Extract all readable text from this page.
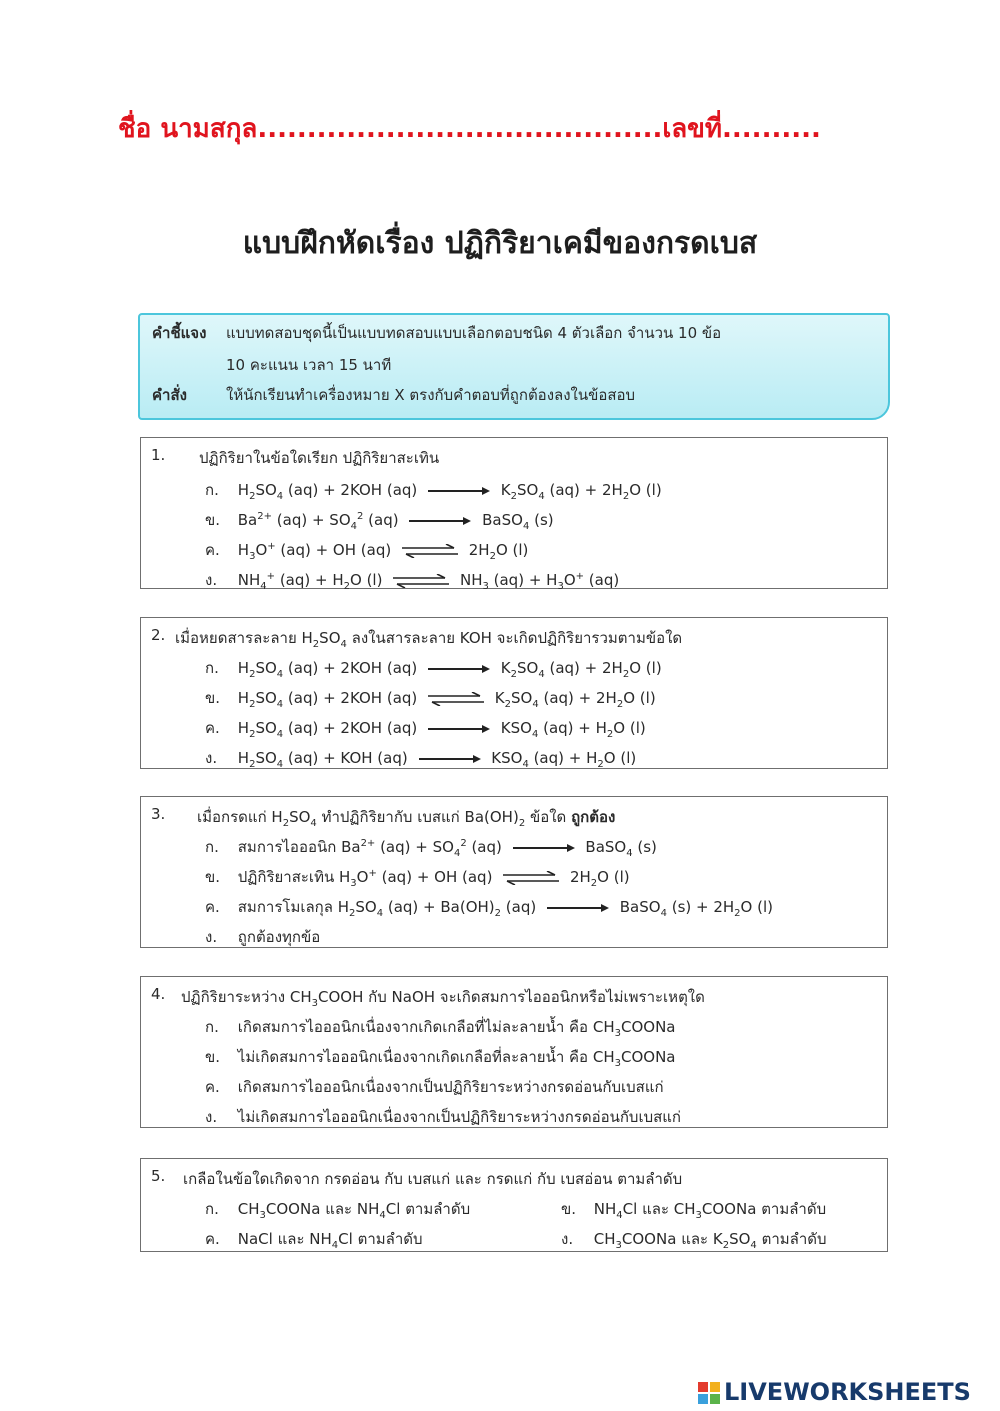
ชื่อ นามสกุล.........................................เลขที่..........
แบบฝึกหัดเรื่อง ปฏิกิริยาเคมีของกรดเบส
คำชี้แจง แบบทดสอบชุดนี้เป็นแบบทดสอบแบบเลือกตอบชนิด 4 ตัวเลือก จำนวน 10 ข้อ
10 คะแนน เวลา 15 นาที
คำสั่ง	ให้นักเรียนทำเครื่องหมาย X ตรงกับคำตอบที่ถูกต้องลงในข้อสอบ
1. ปฏิกิริยาในข้อใดเรียก ปฏิกิริยาสะเทิน
ก. $H_2SO_4$ (aq) + 2KOH (aq)	$K_2SO_4$ $(aq) + 2H_2O$ (l)
ข. $Ba^{2+}$ $(aq) + SO_4^2$ (aq)	BaSO$_4$ (s)
ค. $H_3O^+$ (aq) + OH (aq) ⇌ $2H_2O$ (l)
ง. $NH_4^+$ $(aq) + H_2O$ (l) ⇌ $NH_3$ $(aq) + H_3O^+$ (aq)
2. เมื่อหยดสารละลาย $H_2SO_4$ ลงในสารละลาย KOH จะเกิดปฏิกิริยารวมตามข้อใด
ก. $H_2SO_4$ (aq) + 2KOH (aq)	$K_2SO_4$ $(aq) + 2H_2O$ (l)
ข. $H_2SO_4$ (aq) + 2KOH (aq) ⇌ $K_2SO_4$ $(aq) + 2H_2O$ (l)
ค. $H_2SO_4$ (aq) + 2KOH (aq)	$KSO_4$ $(aq) + H_2O$ (l)
ง. $H_2SO_4$ (aq) + KOH (aq)	$KSO_4$ $(aq) + H_2O$ (l)
3. เมื่อกรดแก่ $H_2SO_4$ ทำปฏิกิริยากับ เบสแก่ $Ba(OH)_2$ ข้อใด ถูกต้อง
ก. สมการไอออนิก $Ba^{2+}$ $(aq) + SO_4^2$ (aq)	BaSO$_4$ (s)
ข. ปฏิกิริยาสะเทิน $H_3O^+$ (aq) + OH (aq) ⇌ $2H_2O$ (l)
ค. สมการโมเลกุล $H_2SO_4$ $(aq) + Ba(OH)_2$ (aq)	BaSO$_4$ $(s) + 2H_2O$ (l)
ง. ถูกต้องทุกข้อ
4. ปฏิกิริยาระหว่าง $CH_3COOH$ กับ NaOH จะเกิดสมการไอออนิกหรือไม่เพราะเหตุใด
ก. เกิดสมการไอออนิกเนื่องจากเกิดเกลือที่ไม่ละลายน้ำ คือ $CH_3COONa$
ข. ไม่เกิดสมการไอออนิกเนื่องจากเกิดเกลือที่ละลายน้ำ คือ $CH_3COONa$
ค. เกิดสมการไอออนิกเนื่องจากเป็นปฏิกิริยาระหว่างกรดอ่อนกับเบสแก่
ง. ไม่เกิดสมการไอออนิกเนื่องจากเป็นปฏิกิริยาระหว่างกรดอ่อนกับเบสแก่
5. เกลือในข้อใดเกิดจาก กรดอ่อน กับ เบสแก่ และ กรดแก่ กับ เบสอ่อน ตามลำดับ
ก. $CH_3COONa$ และ $NH_4Cl$ ตามลำดับ	ข. $NH_4Cl$ และ $CH_3COONa$ ตามลำดับ
ค. NaCl และ $NH_4Cl$ ตามลำดับ	ง. $CH_3COONa$ และ $K_2SO_4$ ตามลำดับ
LIVEWORKSHEETS
